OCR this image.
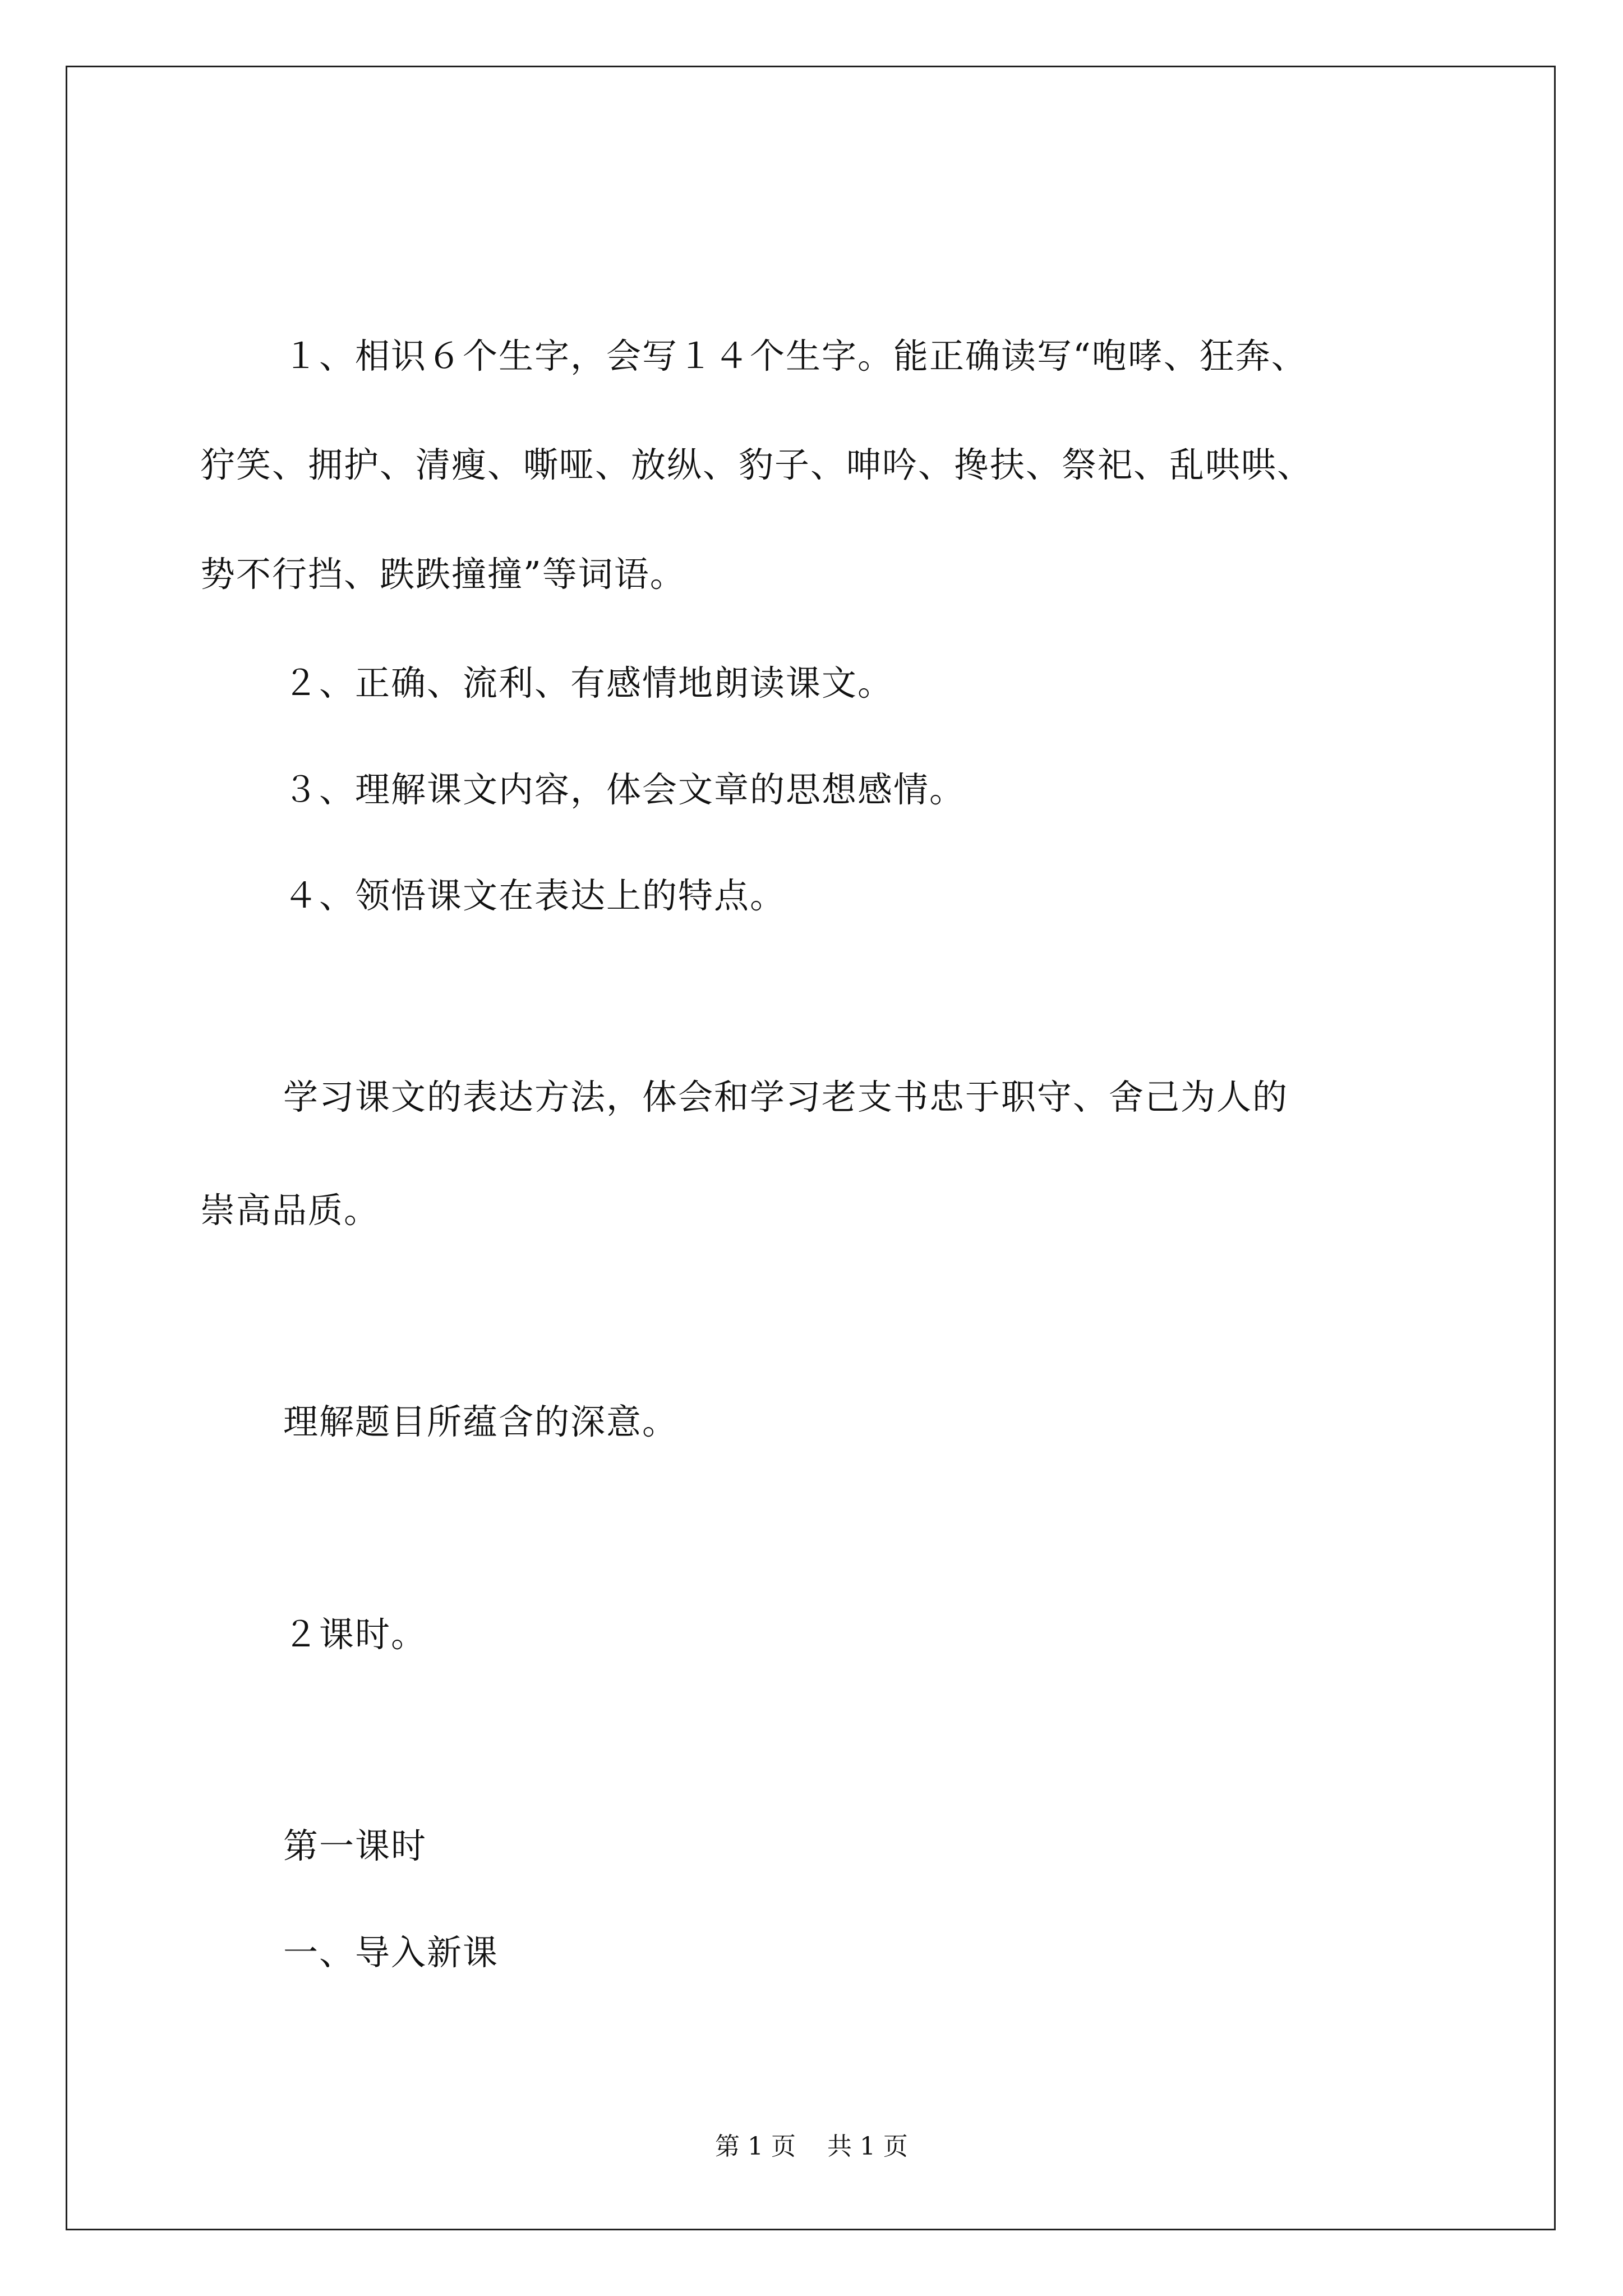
１、相识６个生字，会写１４个生字。能正确读写“咆哮、狂奔、
狞笑、拥护、清瘦、嘶哑、放纵、豹子、呻吟、搀扶、祭祀、乱哄哄、
势不行挡、跌跌撞撞”等词语。
２、正确、流利、有感情地朗读课文。
３、理解课文内容，体会文章的思想感情。
４、领悟课文在表达上的特点。
学习课文的表达方法，体会和学习老支书忠于职守、舍己为人的
崇高品质。
理解题目所蕴含的深意。
２课时。
第一课时
一、导入新课
第 1 页    共 1 页
